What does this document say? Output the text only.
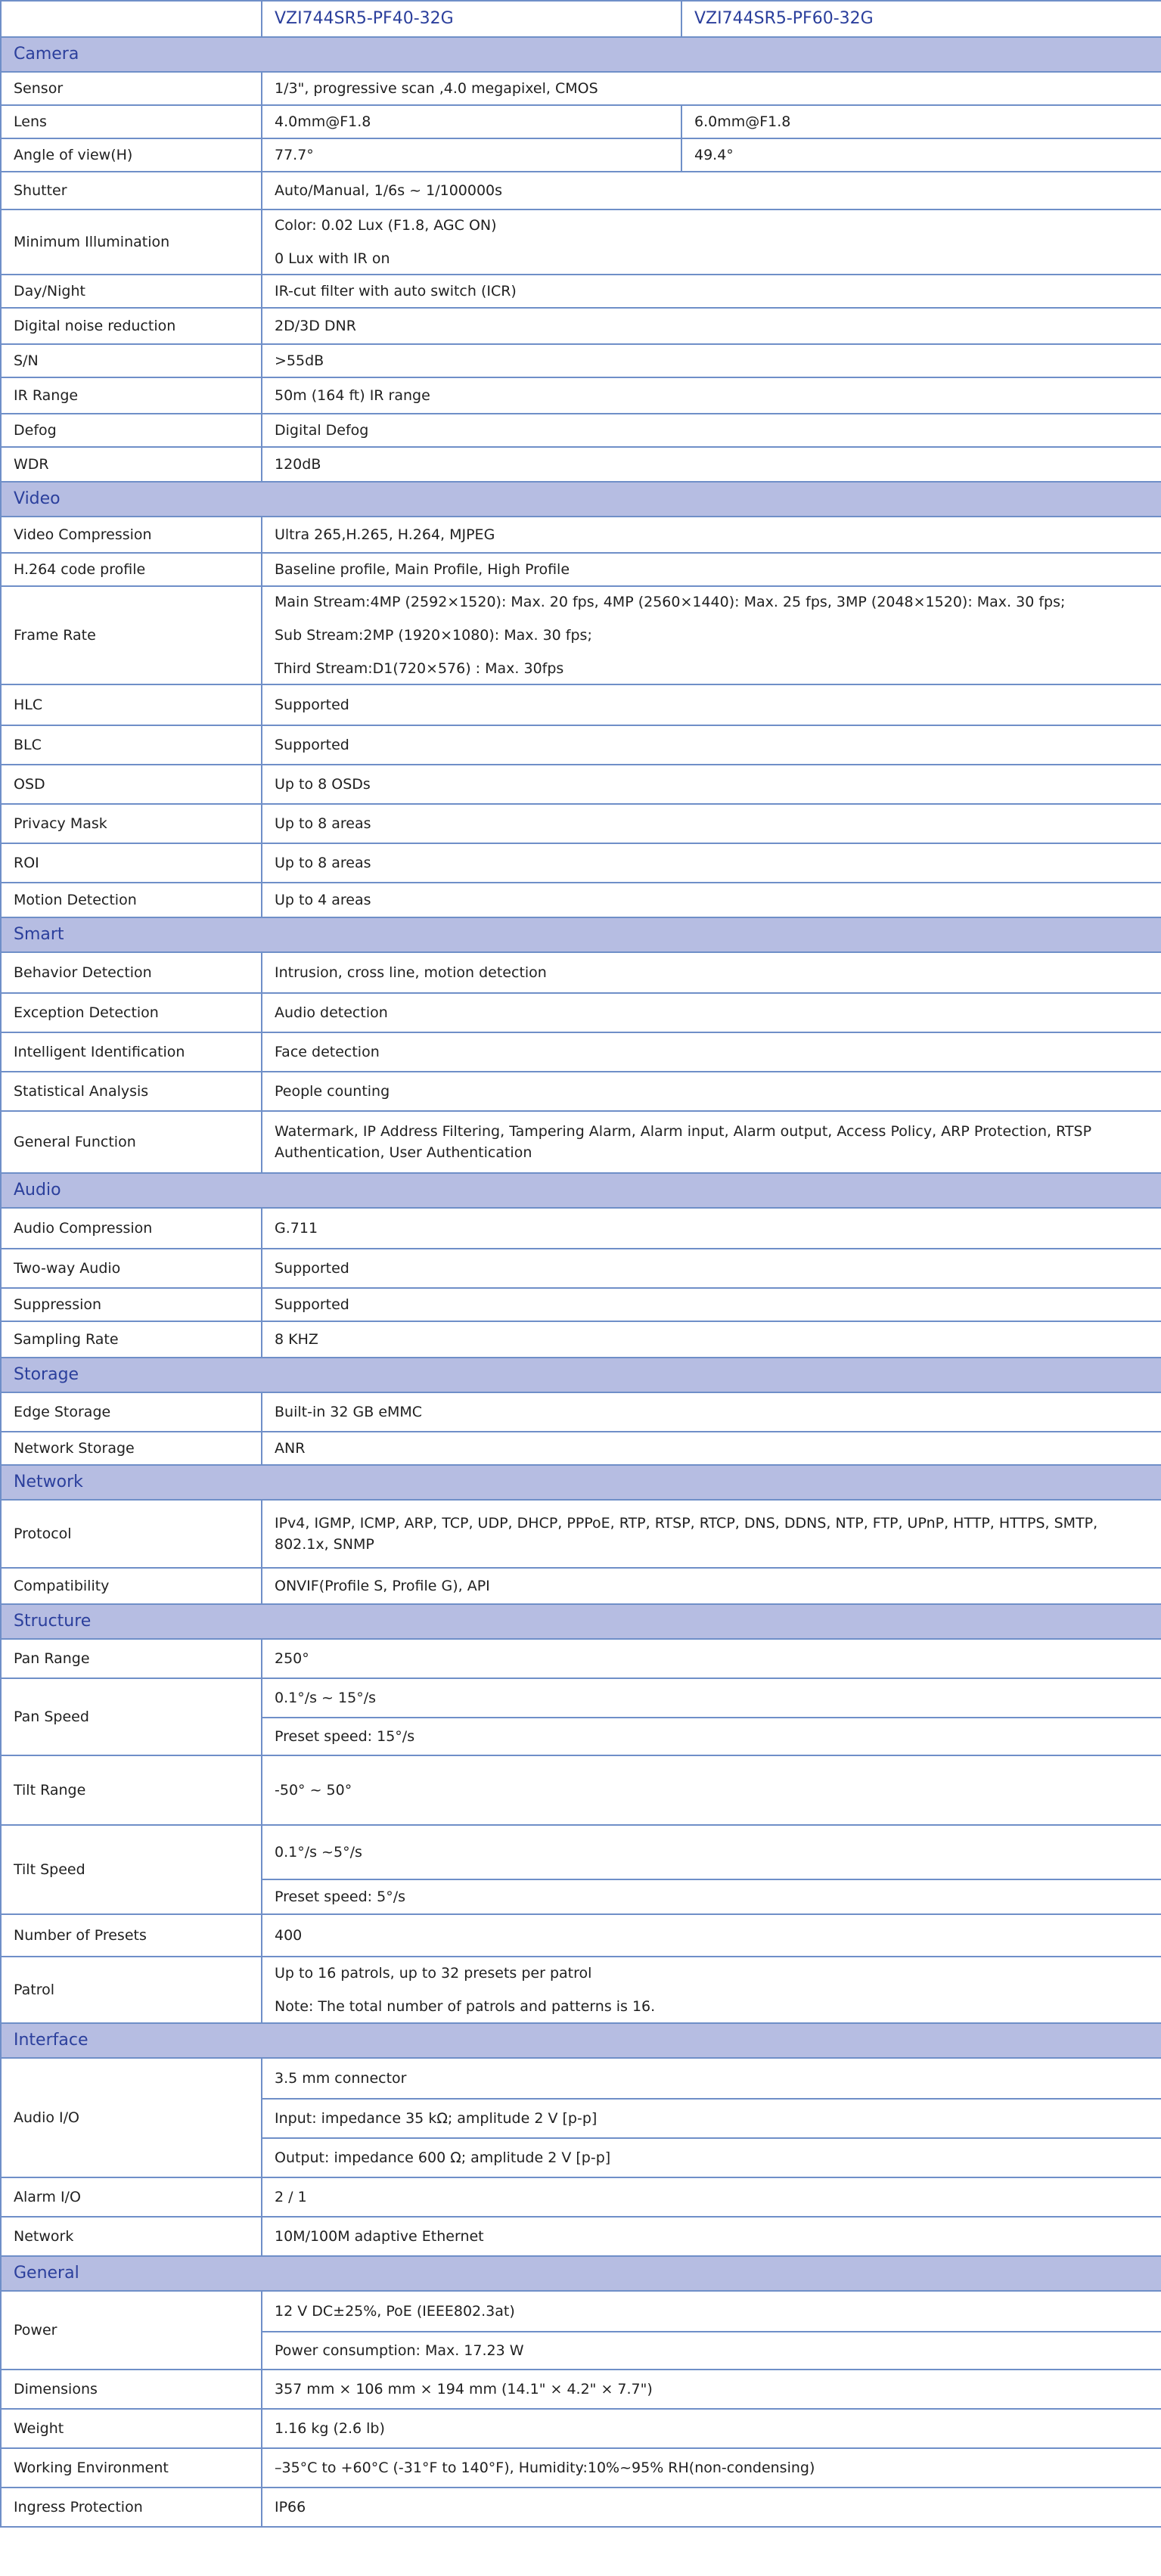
	VZI744SR5-PF40-32G	VZI744SR5-PF60-32G
Camera		
Sensor	1/3", progressive scan ,4.0 megapixel, CMOS	

Lens	4.0mm@F1.8	6.0mm@F1.8

Angle of view(H)	77.7°	49.4°

Shutter	Auto/Manual, 1/6s ~ 1/100000s	

Minimum Illumination	Color: 0.02 Lux (F1.8, AGC ON)
0 Lux with IR on	

Day/Night	IR-cut filter with auto switch (ICR)	

Digital noise reduction	2D/3D DNR	

S/N	>55dB	

IR Range	50m (164 ft) IR range	

Defog	Digital Defog	

WDR	120dB	

Video		
Video Compression	Ultra 265,H.265, H.264, MJPEG	

H.264 code profile	Baseline profile, Main Profile, High Profile	

Frame Rate	Main Stream:4MP (2592×1520): Max. 20 fps, 4MP (2560×1440): Max. 25 fps, 3MP (2048×1520): Max. 30 fps;
Sub Stream:2MP (1920×1080): Max. 30 fps;
Third Stream:D1(720×576) : Max. 30fps	

HLC	Supported	

BLC	Supported	

OSD	Up to 8 OSDs	

Privacy Mask	Up to 8 areas	

ROI	Up to 8 areas	

Motion Detection	Up to 4 areas	

Smart		
Behavior Detection	Intrusion, cross line, motion detection	

Exception Detection	Audio detection	

Intelligent Identification	Face detection	

Statistical Analysis	People counting	

General Function	Watermark, IP Address Filtering, Tampering Alarm, Alarm input, Alarm output, Access Policy, ARP Protection, RTSP Authentication, User Authentication	

Audio		
Audio Compression	G.711	

Two-way Audio	Supported	

Suppression	Supported	

Sampling Rate	8 KHZ	

Storage		
Edge Storage	Built-in 32 GB eMMC	

Network Storage	ANR	

Network		
Protocol	IPv4, IGMP, ICMP, ARP, TCP, UDP, DHCP, PPPoE, RTP, RTSP, RTCP, DNS, DDNS, NTP, FTP, UPnP, HTTP, HTTPS, SMTP, 802.1x, SNMP	

Compatibility	ONVIF(Profile S, Profile G), API	

Structure		
Pan Range	250°	

Pan Speed	0.1°/s ~ 15°/s	

	Preset speed: 15°/s	

Tilt Range	-50° ~ 50°	

Tilt Speed	0.1°/s ~5°/s	

	Preset speed: 5°/s	

Number of Presets	400	

Patrol	Up to 16 patrols, up to 32 presets per patrol
Note: The total number of patrols and patterns is 16.	

Interface		
Audio I/O	3.5 mm connector	

	Input: impedance 35 kΩ; amplitude 2 V [p-p]	

	Output: impedance 600 Ω; amplitude 2 V [p-p]	

Alarm I/O	2 / 1	

Network	10M/100M adaptive Ethernet	

General		
Power	12 V DC±25%, PoE (IEEE802.3at)	

	Power consumption: Max. 17.23 W	

Dimensions	357 mm × 106 mm × 194 mm (14.1" × 4.2" × 7.7")	

Weight	1.16 kg (2.6 lb)	

Working Environment	–35°C to +60°C (-31°F to 140°F), Humidity:10%~95% RH(non-condensing)	

Ingress Protection	IP66	
